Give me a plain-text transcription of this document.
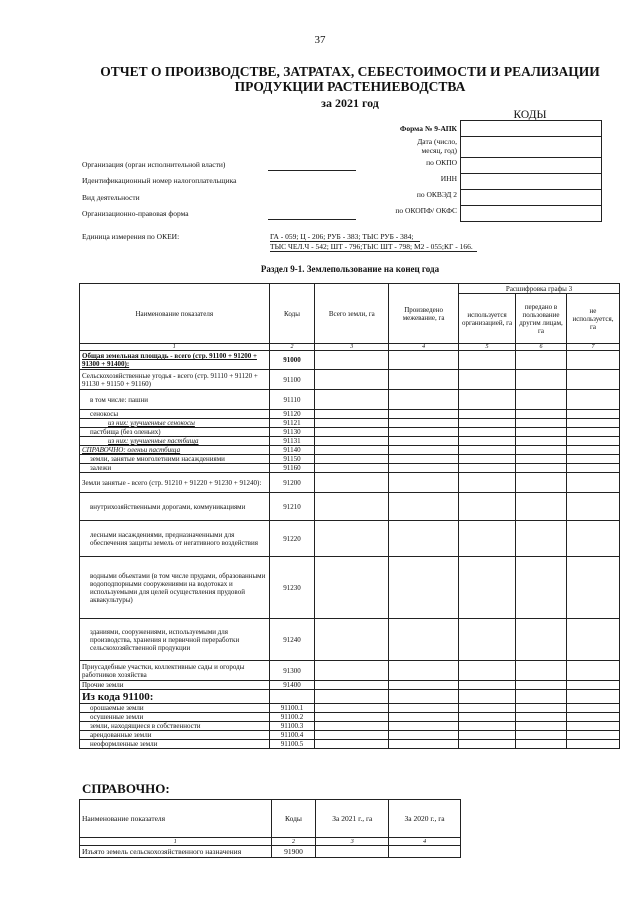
37
ОТЧЕТ О ПРОИЗВОДСТВЕ, ЗАТРАТАХ, СЕБЕСТОИМОСТИ И РЕАЛИЗАЦИИ
ПРОДУКЦИИ РАСТЕНИЕВОДСТВА
за 2021 год
КОДЫ
Форма № 9-АПК
Дата (число,
месяц, год)
по ОКПО
ИНН
по ОКВЭД 2
по ОКОПФ/ ОКФС
Организация (орган исполнительной власти)
Идентификационный номер налогоплательщика
Вид деятельности
Организационно-правовая форма
Единица измерения по ОКЕИ:	ГА - 059; Ц - 206; РУБ - 383; ТЫС РУБ - 384;
ТЫС ЧЕЛ.Ч - 542; ШТ - 796;ТЫС ШТ - 798; М2 - 055;КГ - 166.
Раздел 9-1. Землепользование на конец года
Наименование показателя	Коды	Всего земли, га	Произведено межевание, га	Расшифровка графы 3		
				используется организацией, га	передано в пользование другим лицам, га	не используется, га
1	2	3	4	5	6	7
Общая земельная площадь - всего (стр. 91100 + 91200 + 91300 + 91400):	91000					
Сельскохозяйственные угодья - всего (стр. 91110 + 91120 + 91130 + 91150 + 91160)	91100					
в том числе: пашни	91110					
сенокосы	91120					
из них: улучшенные сенокосы	91121					
пастбища (без оленьих)	91130					
из них: улучшенные пастбища	91131					
СПРАВОЧНО: оленьи пастбища	91140					
земли, занятые многолетними насаждениями	91150					
залежи	91160					
Земли занятые - всего (стр. 91210 + 91220 + 91230 + 91240):	91200					
внутрихозяйственными дорогами, коммуникациями	91210					
лесными насаждениями, предназначенными для обеспечения защиты земель от негативного воздействия	91220					
водными объектами (в том числе прудами, образованными водоподпорными сооружениями на водотоках и используемыми для целей осуществления прудовой аквакультуры)	91230					
зданиями, сооружениями, используемыми для производства, хранения и первичной переработки сельскохозяйственной продукции	91240					
Приусадебные участки, коллективные сады и огороды работников хозяйства	91300					
Прочие земли	91400					
Из кода 91100:						
орошаемые земли	91100.1					
осушенные земли	91100.2					
земли, находящиеся в собственности	91100.3					
арендованные земли	91100.4					
неоформленные земли	91100.5					
СПРАВОЧНО:
Наименование показателя	Коды	За 2021 г., га	За 2020 г., га
1	2	3	4
Изъято земель сельскохозяйственного назначения	91900		
